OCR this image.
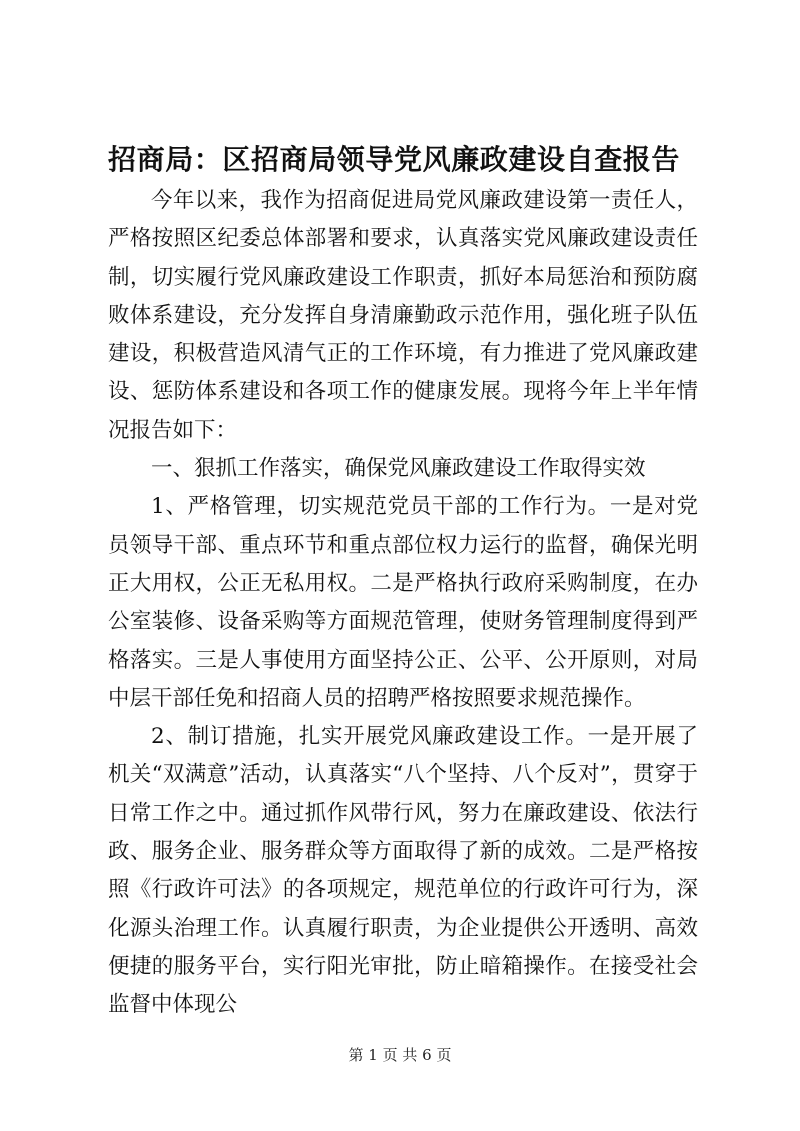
招商局：区招商局领导党风廉政建设自查报告

今年以来，我作为招商促进局党风廉政建设第一责任人，严格按照区纪委总体部署和要求，认真落实党风廉政建设责任制，切实履行党风廉政建设工作职责，抓好本局惩治和预防腐败体系建设，充分发挥自身清廉勤政示范作用，强化班子队伍建设，积极营造风清气正的工作环境，有力推进了党风廉政建设、惩防体系建设和各项工作的健康发展。现将今年上半年情况报告如下：

一、狠抓工作落实，确保党风廉政建设工作取得实效

1、严格管理，切实规范党员干部的工作行为。一是对党员领导干部、重点环节和重点部位权力运行的监督，确保光明正大用权，公正无私用权。二是严格执行政府采购制度，在办公室装修、设备采购等方面规范管理，使财务管理制度得到严格落实。三是人事使用方面坚持公正、公平、公开原则，对局中层干部任免和招商人员的招聘严格按照要求规范操作。

2、制订措施，扎实开展党风廉政建设工作。一是开展了机关“双满意”活动，认真落实“八个坚持、八个反对”，贯穿于日常工作之中。通过抓作风带行风，努力在廉政建设、依法行政、服务企业、服务群众等方面取得了新的成效。二是严格按照《行政许可法》的各项规定，规范单位的行政许可行为，深化源头治理工作。认真履行职责，为企业提供公开透明、高效便捷的服务平台，实行阳光审批，防止暗箱操作。在接受社会监督中体现公

第 1 页 共 6 页
